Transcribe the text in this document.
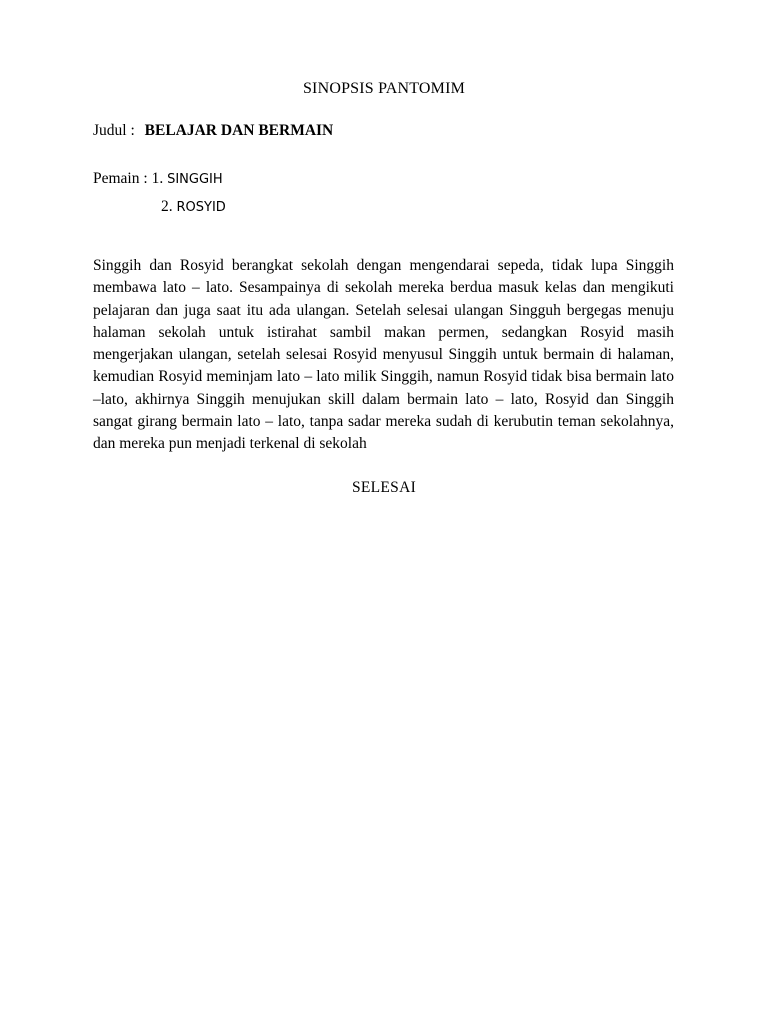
SINOPSIS PANTOMIM
Judul : BELAJAR DAN BERMAIN
Pemain : 1. SINGGIH
2. ROSYID

Singgih dan Rosyid berangkat sekolah dengan mengendarai sepeda, tidak lupa Singgih membawa lato – lato. Sesampainya di sekolah mereka berdua masuk kelas dan mengikuti pelajaran dan juga saat itu ada ulangan. Setelah selesai ulangan Singguh bergegas menuju halaman sekolah untuk istirahat sambil makan permen, sedangkan Rosyid masih mengerjakan ulangan, setelah selesai Rosyid menyusul Singgih untuk bermain di halaman, kemudian Rosyid meminjam lato – lato milik Singgih, namun Rosyid tidak bisa bermain lato –lato, akhirnya Singgih menujukan skill dalam bermain lato – lato, Rosyid dan Singgih sangat girang bermain lato – lato, tanpa sadar mereka sudah di kerubutin teman sekolahnya, dan mereka pun menjadi terkenal di sekolah

SELESAI
